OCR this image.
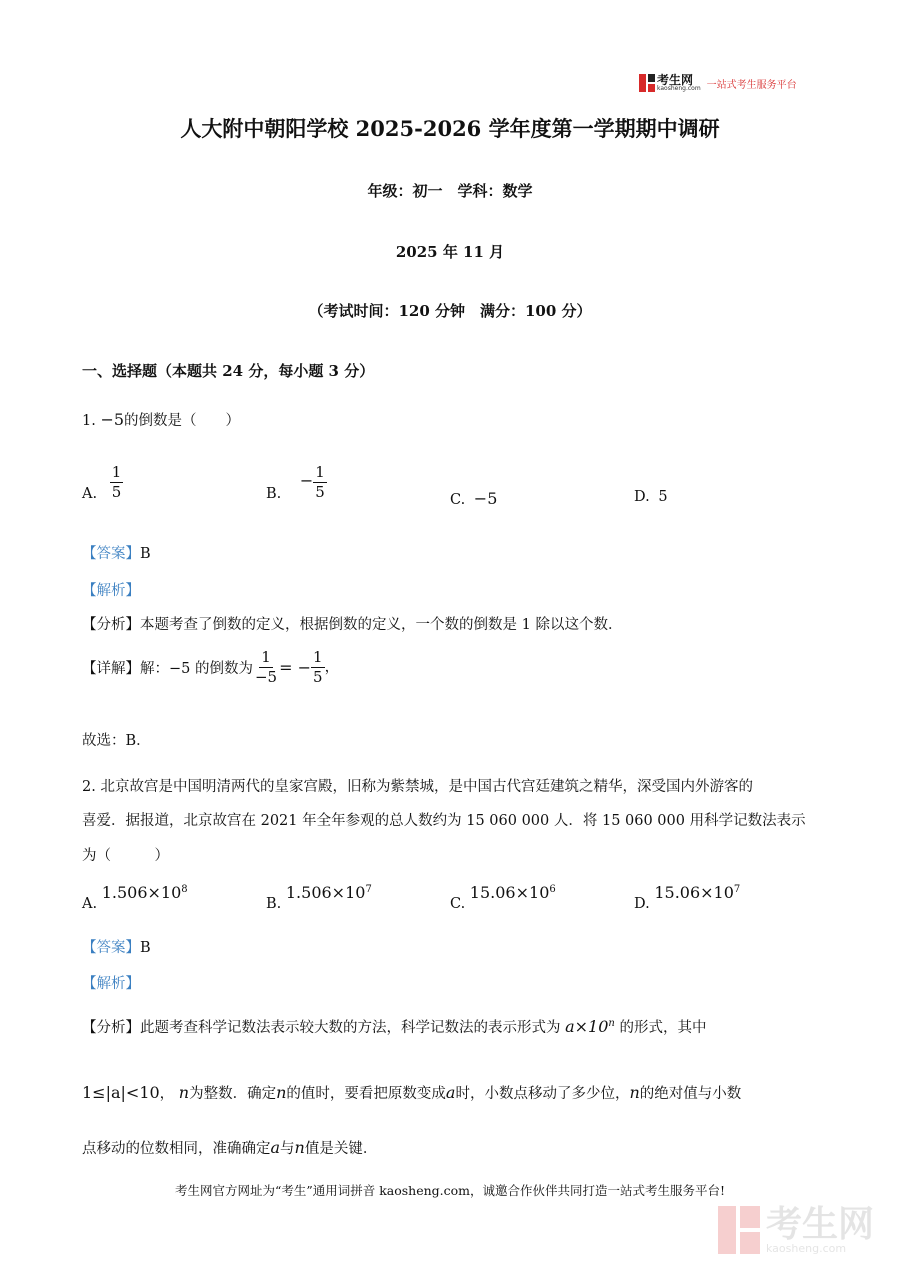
考生网
kaosheng.com 一站式考生服务平台
人大附中朝阳学校 2025-2026 学年度第一学期期中调研
年级：初一　学科：数学
2025 年 11 月
（考试时间：120 分钟　满分：100 分）
一、选择题（本题共 24 分，每小题 3 分）
1. −5的倒数是（　　）
A. $\frac{1}{5}$	B. − $\frac{1}{5}$	C. −5	D. 5
【答案】B
【解析】
【分析】本题考查了倒数的定义，根据倒数的定义，一个数的倒数是 1 除以这个数．
【详解】解：−5 的倒数为 $\frac{1}{-5}$ = − $\frac{1}{5}$ ，
故选：B．
2. 北京故宫是中国明清两代的皇家宫殿，旧称为紫禁城，是中国古代宫廷建筑之精华，深受国内外游客的
喜爱．据报道，北京故宫在 2021 年全年参观的总人数约为 15 060 000 人．将 15 060 000 用科学记数法表示
为（　　　）
A. $1.506\times 10^8$
B. $1.506\times 10^7$
C. $15.06\times 10^6$
D. $15.06\times 10^7$
【答案】B
【解析】
【分析】此题考查科学记数法表示较大数的方法，科学记数法的表示形式为 $a\times 10^n$ 的形式，其中
1≤|a|<10， n为整数．确定n的值时，要看把原数变成a时，小数点移动了多少位，n的绝对值与小数
点移动的位数相同，准确确定a与n值是关键．
考生网官方网址为“考生”通用词拼音 kaosheng.com，诚邀合作伙伴共同打造一站式考生服务平台!
考生网
kaosheng.com
